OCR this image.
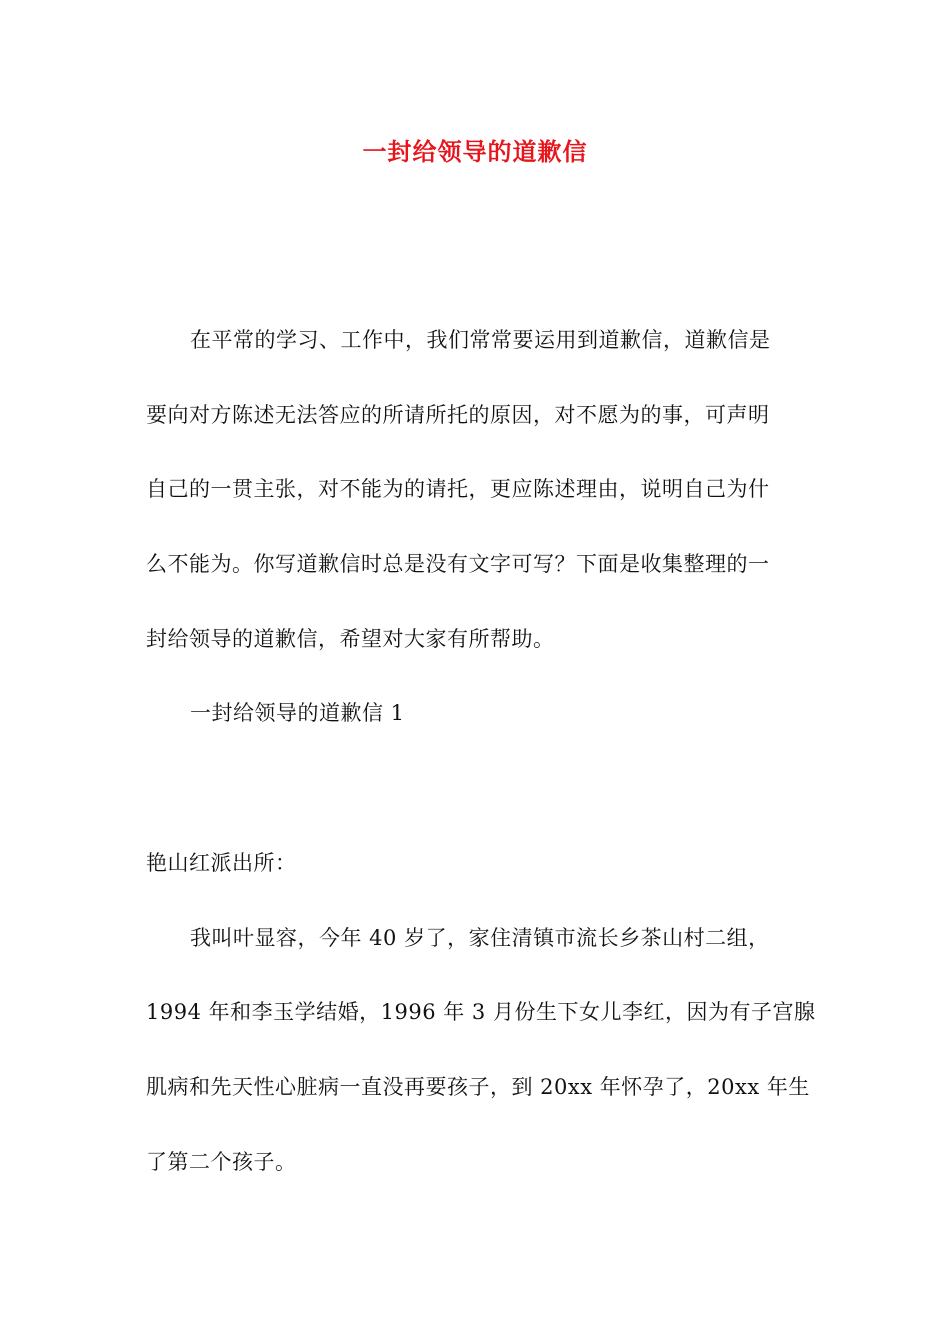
一封给领导的道歉信
在平常的学习、工作中，我们常常要运用到道歉信，道歉信是
要向对方陈述无法答应的所请所托的原因，对不愿为的事，可声明
自己的一贯主张，对不能为的请托，更应陈述理由，说明自己为什
么不能为。你写道歉信时总是没有文字可写？下面是收集整理的一
封给领导的道歉信，希望对大家有所帮助。
一封给领导的道歉信 1
艳山红派出所：
我叫叶显容，今年 40 岁了，家住清镇市流长乡茶山村二组，
1994 年和李玉学结婚，1996 年 3 月份生下女儿李红，因为有子宫腺
肌病和先天性心脏病一直没再要孩子，到 20xx 年怀孕了，20xx 年生
了第二个孩子。
